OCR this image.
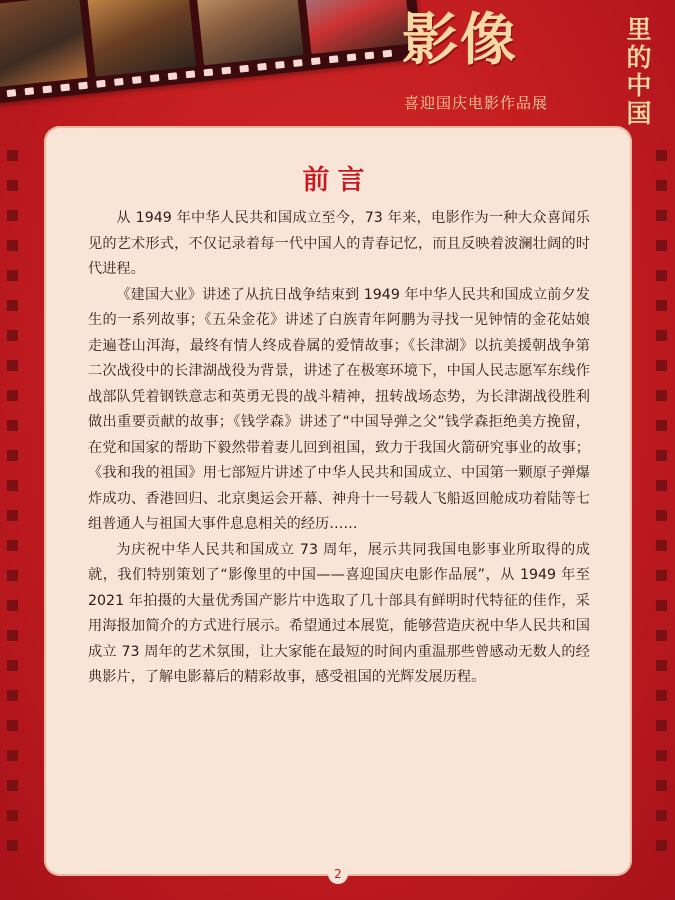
影像	里的中国
喜迎国庆电影作品展
前言

从 1949 年中华人民共和国成立至今，73 年来，电影作为一种大众喜闻乐见的艺术形式，不仅记录着每一代中国人的青春记忆，而且反映着波澜壮阔的时代进程。

《建国大业》讲述了从抗日战争结束到 1949 年中华人民共和国成立前夕发生的一系列故事；《五朵金花》讲述了白族青年阿鹏为寻找一见钟情的金花姑娘走遍苍山洱海，最终有情人终成眷属的爱情故事；《长津湖》以抗美援朝战争第二次战役中的长津湖战役为背景，讲述了在极寒环境下，中国人民志愿军东线作战部队凭着钢铁意志和英勇无畏的战斗精神，扭转战场态势，为长津湖战役胜利做出重要贡献的故事；《钱学森》讲述了“中国导弹之父”钱学森拒绝美方挽留，在党和国家的帮助下毅然带着妻儿回到祖国，致力于我国火箭研究事业的故事；《我和我的祖国》用七部短片讲述了中华人民共和国成立、中国第一颗原子弹爆炸成功、香港回归、北京奥运会开幕、神舟十一号载人飞船返回舱成功着陆等七组普通人与祖国大事件息息相关的经历……

为庆祝中华人民共和国成立 73 周年，展示共同我国电影事业所取得的成就，我们特别策划了“影像里的中国——喜迎国庆电影作品展”，从 1949 年至 2021 年拍摄的大量优秀国产影片中选取了几十部具有鲜明时代特征的佳作，采用海报加简介的方式进行展示。希望通过本展览，能够营造庆祝中华人民共和国成立 73 周年的艺术氛围，让大家能在最短的时间内重温那些曾感动无数人的经典影片，了解电影幕后的精彩故事，感受祖国的光辉发展历程。

2
